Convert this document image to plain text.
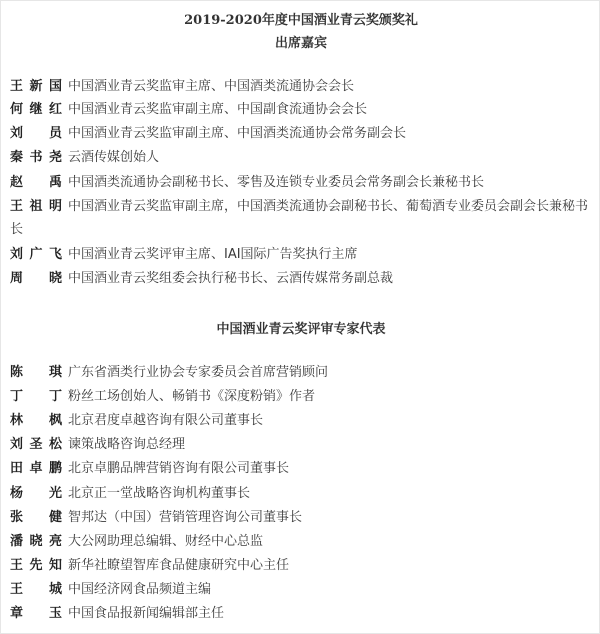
2019-2020年度中国酒业青云奖颁奖礼
出席嘉宾
王新国 中国酒业青云奖监审主席、中国酒类流通协会会长
何继红 中国酒业青云奖监审副主席、中国副食流通协会会长
刘　员 中国酒业青云奖监审副主席、中国酒类流通协会常务副会长
秦书尧 云酒传媒创始人
赵　禹 中国酒类流通协会副秘书长、零售及连锁专业委员会常务副会长兼秘书长
王祖明 中国酒业青云奖监审副主席，中国酒类流通协会副秘书长、葡萄酒专业委员会副会长兼秘书长
刘广飞 中国酒业青云奖评审主席、IAI国际广告奖执行主席
周　晓 中国酒业青云奖组委会执行秘书长、云酒传媒常务副总裁
中国酒业青云奖评审专家代表
陈　琪 广东省酒类行业协会专家委员会首席营销顾问
丁　丁 粉丝工场创始人、畅销书《深度粉销》作者
林　枫 北京君度卓越咨询有限公司董事长
刘圣松 谏策战略咨询总经理
田卓鹏 北京卓鹏品牌营销咨询有限公司董事长
杨　光 北京正一堂战略咨询机构董事长
张　健 智邦达（中国）营销管理咨询公司董事长
潘晓亮 大公网助理总编辑、财经中心总监
王先知 新华社瞭望智库食品健康研究中心主任
王　城 中国经济网食品频道主编
章　玉 中国食品报新闻编辑部主任
